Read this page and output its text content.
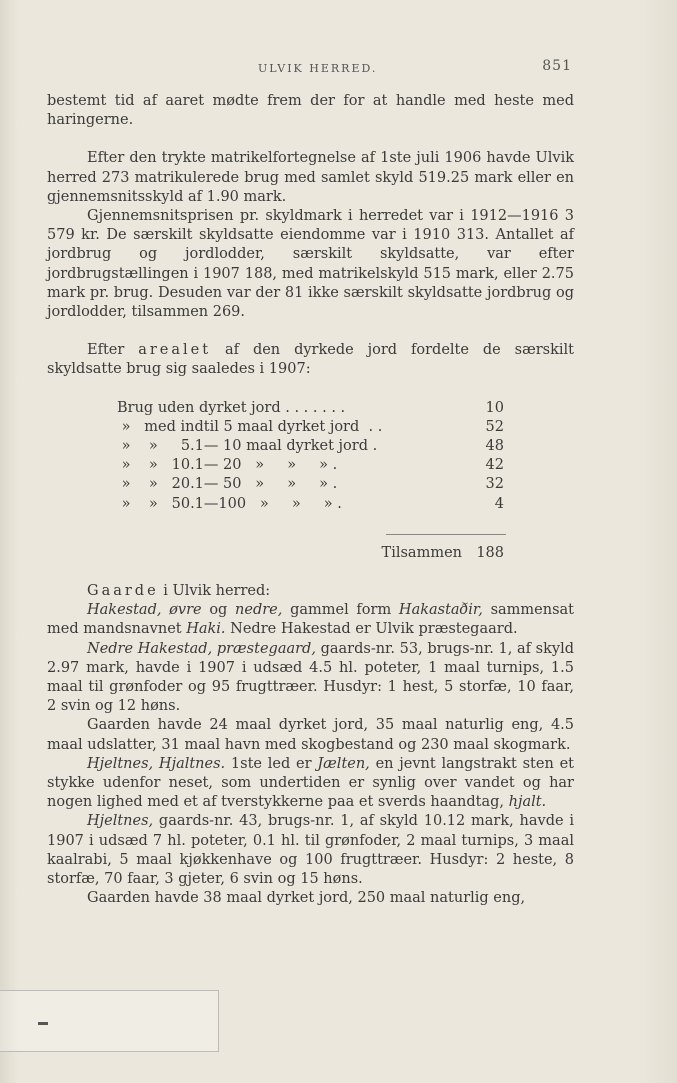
ULVIK HERRED.	851

bestemt tid af aaret mødte frem der for at handle med heste med haringerne.

Efter den trykte matrikelfortegnelse af 1ste juli 1906 havde Ulvik herred 273 matrikulerede brug med samlet skyld 519.25 mark eller en gjennemsnitsskyld af 1.90 mark.

Gjennemsnitsprisen pr. skyldmark i herredet var i 1912—1916 3 579 kr. De særskilt skyldsatte eiendomme var i 1910 313. Antallet af jordbrug og jordlodder, særskilt skyldsatte, var efter jordbrugstællingen i 1907 188, med matrikelskyld 515 mark, eller 2.75 mark pr. brug. Desuden var der 81 ikke særskilt skyldsatte jordbrug og jordlodder, tilsammen 269.

Efter arealet af den dyrkede jord fordelte de særskilt skyldsatte brug sig saaledes i 1907:

Brug uden dyrket jord . . . . . . .	10
»   med indtil 5 maal dyrket jord  . .	52
»    »     5.1— 10 maal dyrket jord .	48
»    »   10.1— 20   »     »     » .	42
»    »   20.1— 50   »     »     » .	32
»    »   50.1—100   »     »     » .	4
Tilsammen 188

Gaarde i Ulvik herred:

Hakestad, øvre og nedre, gammel form Hakastaðir, sammensat med mandsnavnet Haki. Nedre Hakestad er Ulvik præstegaard.

Nedre Hakestad, præstegaard, gaards-nr. 53, brugs-nr. 1, af skyld 2.97 mark, havde i 1907 i udsæd 4.5 hl. poteter, 1 maal turnips, 1.5 maal til grønfoder og 95 frugttræer. Husdyr: 1 hest, 5 storfæ, 10 faar, 2 svin og 12 høns.

Gaarden havde 24 maal dyrket jord, 35 maal naturlig eng, 4.5 maal udslatter, 31 maal havn med skogbestand og 230 maal skogmark.

Hjeltnes, Hjaltnes. 1ste led er Jælten, en jevnt langstrakt sten et stykke udenfor neset, som undertiden er synlig over vandet og har nogen lighed med et af tverstykkerne paa et sverds haandtag, hjalt.

Hjeltnes, gaards-nr. 43, brugs-nr. 1, af skyld 10.12 mark, havde i 1907 i udsæd 7 hl. poteter, 0.1 hl. til grønfoder, 2 maal turnips, 3 maal kaalrabi, 5 maal kjøkkenhave og 100 frugttræer. Husdyr: 2 heste, 8 storfæ, 70 faar, 3 gjeter, 6 svin og 15 høns.

Gaarden havde 38 maal dyrket jord, 250 maal naturlig eng,
